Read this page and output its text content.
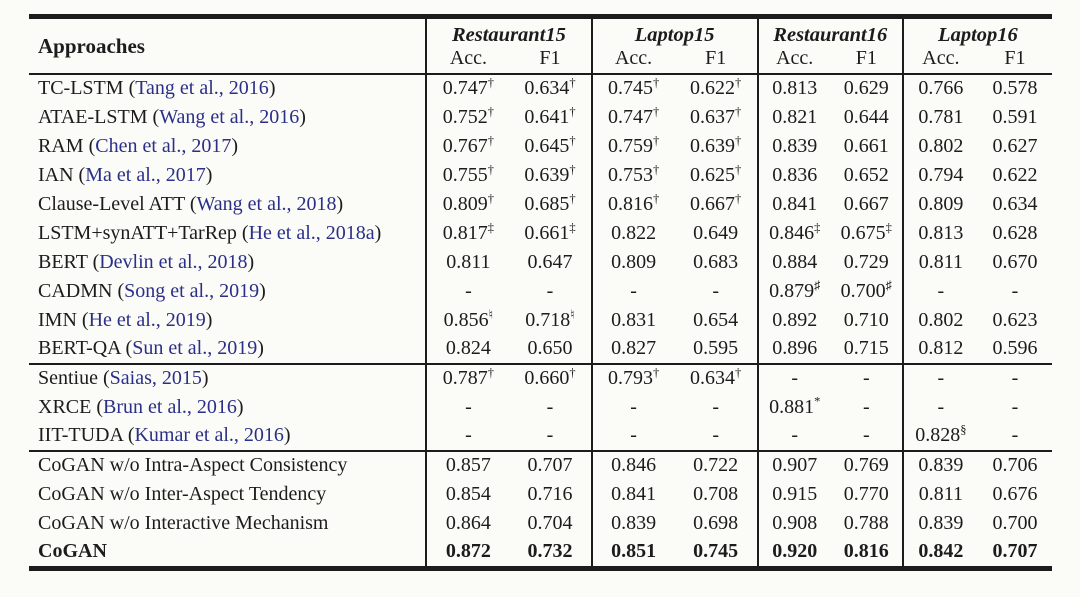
Approaches	Restaurant15		Laptop15		Restaurant16		Laptop16	
	Acc.	F1	Acc.	F1	Acc.	F1	Acc.	F1
TC-LSTM (Tang et al., 2016)	0.747†	0.634†	0.745†	0.622†	0.813	0.629	0.766	0.578
ATAE-LSTM (Wang et al., 2016)	0.752†	0.641†	0.747†	0.637†	0.821	0.644	0.781	0.591
RAM (Chen et al., 2017)	0.767†	0.645†	0.759†	0.639†	0.839	0.661	0.802	0.627
IAN (Ma et al., 2017)	0.755†	0.639†	0.753†	0.625†	0.836	0.652	0.794	0.622
Clause-Level ATT (Wang et al., 2018)	0.809†	0.685†	0.816†	0.667†	0.841	0.667	0.809	0.634
LSTM+synATT+TarRep (He et al., 2018a)	0.817‡	0.661‡	0.822	0.649	0.846‡	0.675‡	0.813	0.628
BERT (Devlin et al., 2018)	0.811	0.647	0.809	0.683	0.884	0.729	0.811	0.670
CADMN (Song et al., 2019)	-	-	-	-	0.879♯	0.700♯	-	-
IMN (He et al., 2019)	0.856♮	0.718♮	0.831	0.654	0.892	0.710	0.802	0.623
BERT-QA (Sun et al., 2019)	0.824	0.650	0.827	0.595	0.896	0.715	0.812	0.596
Sentiue (Saias, 2015)	0.787†	0.660†	0.793†	0.634†	-	-	-	-
XRCE (Brun et al., 2016)	-	-	-	-	0.881*	-	-	-
IIT-TUDA (Kumar et al., 2016)	-	-	-	-	-	-	0.828§	-
CoGAN w/o Intra-Aspect Consistency	0.857	0.707	0.846	0.722	0.907	0.769	0.839	0.706
CoGAN w/o Inter-Aspect Tendency	0.854	0.716	0.841	0.708	0.915	0.770	0.811	0.676
CoGAN w/o Interactive Mechanism	0.864	0.704	0.839	0.698	0.908	0.788	0.839	0.700
CoGAN	0.872	0.732	0.851	0.745	0.920	0.816	0.842	0.707
